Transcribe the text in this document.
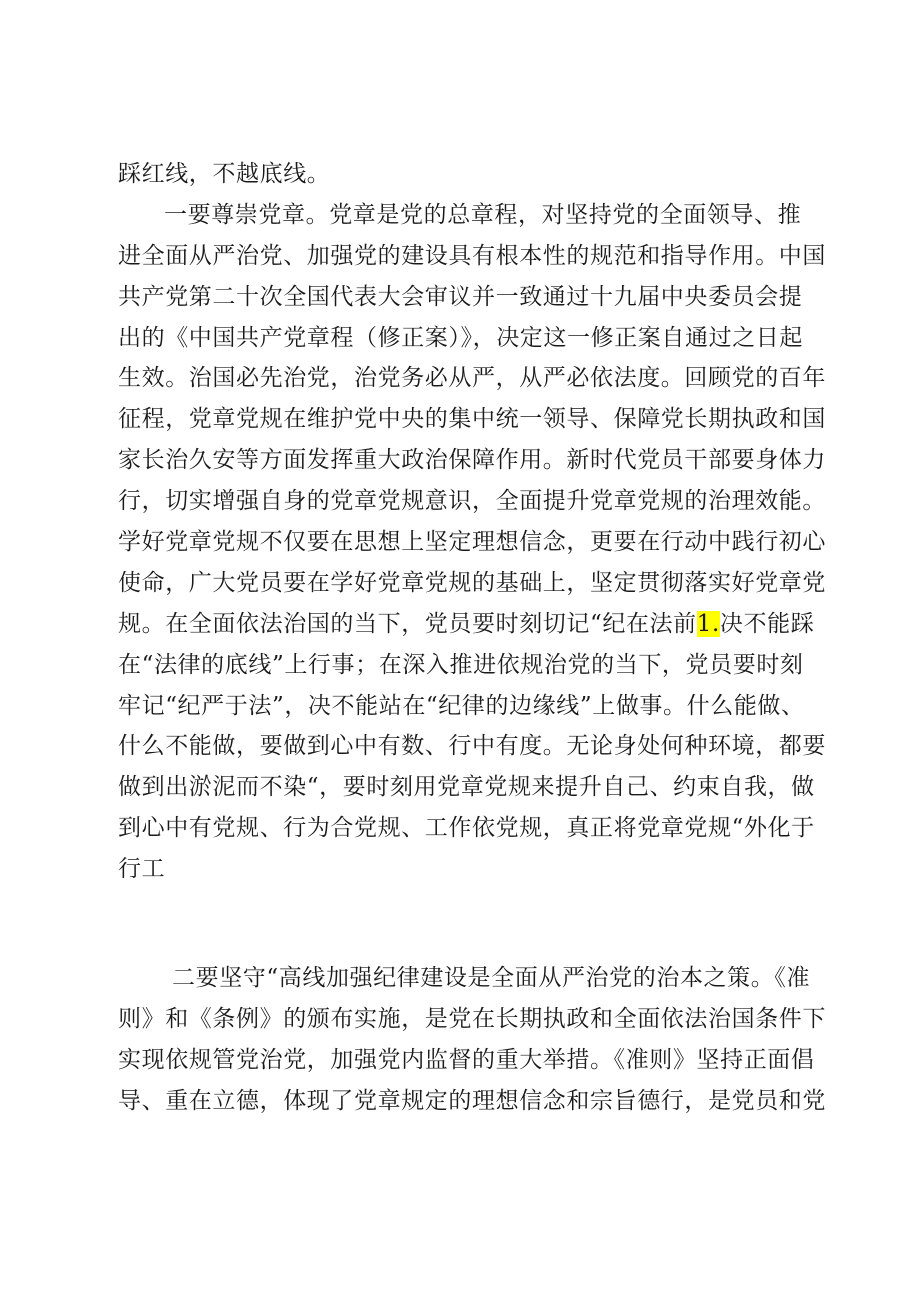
踩红线，不越底线。
一要尊崇党章。党章是党的总章程，对坚持党的全面领导、推
进全面从严治党、加强党的建设具有根本性的规范和指导作用。中国
共产党第二十次全国代表大会审议并一致通过十九届中央委员会提
出的《中国共产党章程（修正案）》，决定这一修正案自通过之日起
生效。治国必先治党，治党务必从严，从严必依法度。回顾党的百年
征程，党章党规在维护党中央的集中统一领导、保障党长期执政和国
家长治久安等方面发挥重大政治保障作用。新时代党员干部要身体力
行，切实增强自身的党章党规意识，全面提升党章党规的治理效能。
学好党章党规不仅要在思想上坚定理想信念，更要在行动中践行初心
使命，广大党员要在学好党章党规的基础上，坚定贯彻落实好党章党
规。在全面依法治国的当下，党员要时刻切记“纪在法前1.决不能踩
在“法律的底线”上行事；在深入推进依规治党的当下，党员要时刻
牢记“纪严于法”，决不能站在“纪律的边缘线”上做事。什么能做、
什么不能做，要做到心中有数、行中有度。无论身处何种环境，都要
做到出淤泥而不染“，要时刻用党章党规来提升自己、约束自我，做
到心中有党规、行为合党规、工作依党规，真正将党章党规“外化于
行工
二要坚守“高线加强纪律建设是全面从严治党的治本之策。《准
则》和《条例》的颁布实施，是党在长期执政和全面依法治国条件下
实现依规管党治党，加强党内监督的重大举措。《准则》坚持正面倡
导、重在立德，体现了党章规定的理想信念和宗旨德行，是党员和党
